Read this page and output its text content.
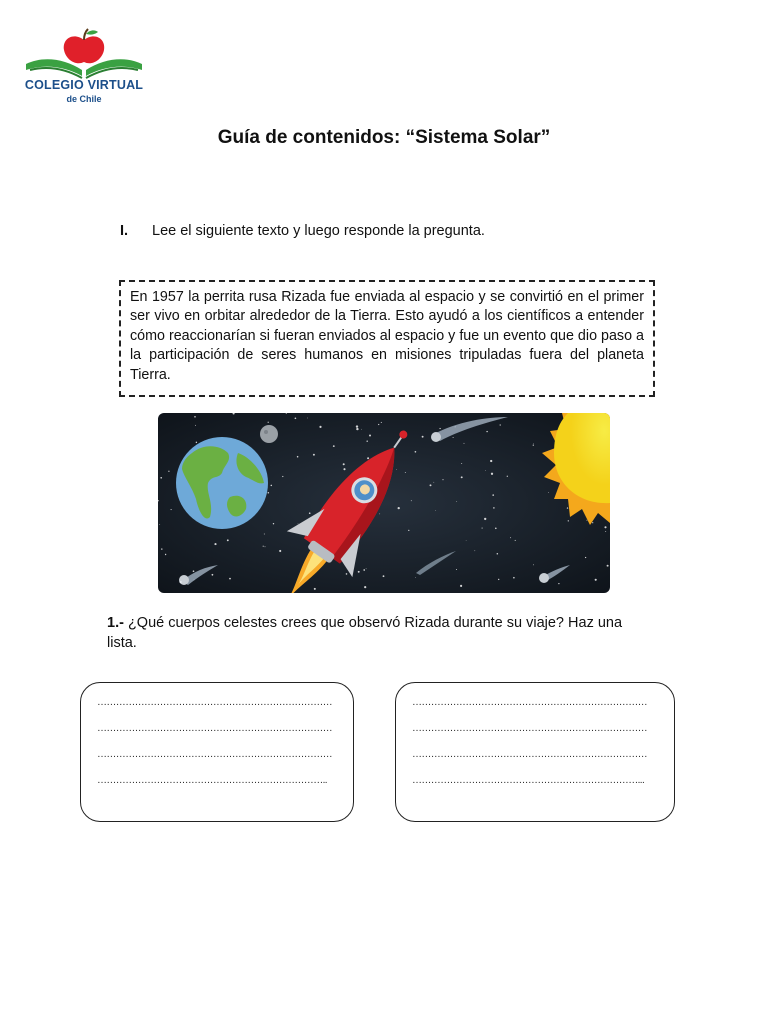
COLEGIO VIRTUAL
de Chile
Guía de contenidos: “Sistema Solar”
I. Lee el siguiente texto y luego responde la pregunta.
En 1957 la perrita rusa Rizada fue enviada al espacio y se convirtió en el primer ser vivo en orbitar alrededor de la Tierra. Esto ayudó a los científicos a entender cómo reaccionarían si fueran enviados al espacio y fue un evento que dio paso a la participación de seres humanos en misiones tripuladas fuera del planeta Tierra.
1.- ¿Qué cuerpos celestes crees que observó Rizada durante su viaje? Haz una lista.
…………………………………………………………………
…………………………………………………………………
…………………………………………………………………
………………………………………………………………..
…………………………………………………………………
…………………………………………………………………
…………………………………………………………………
………………………………………………………………...
